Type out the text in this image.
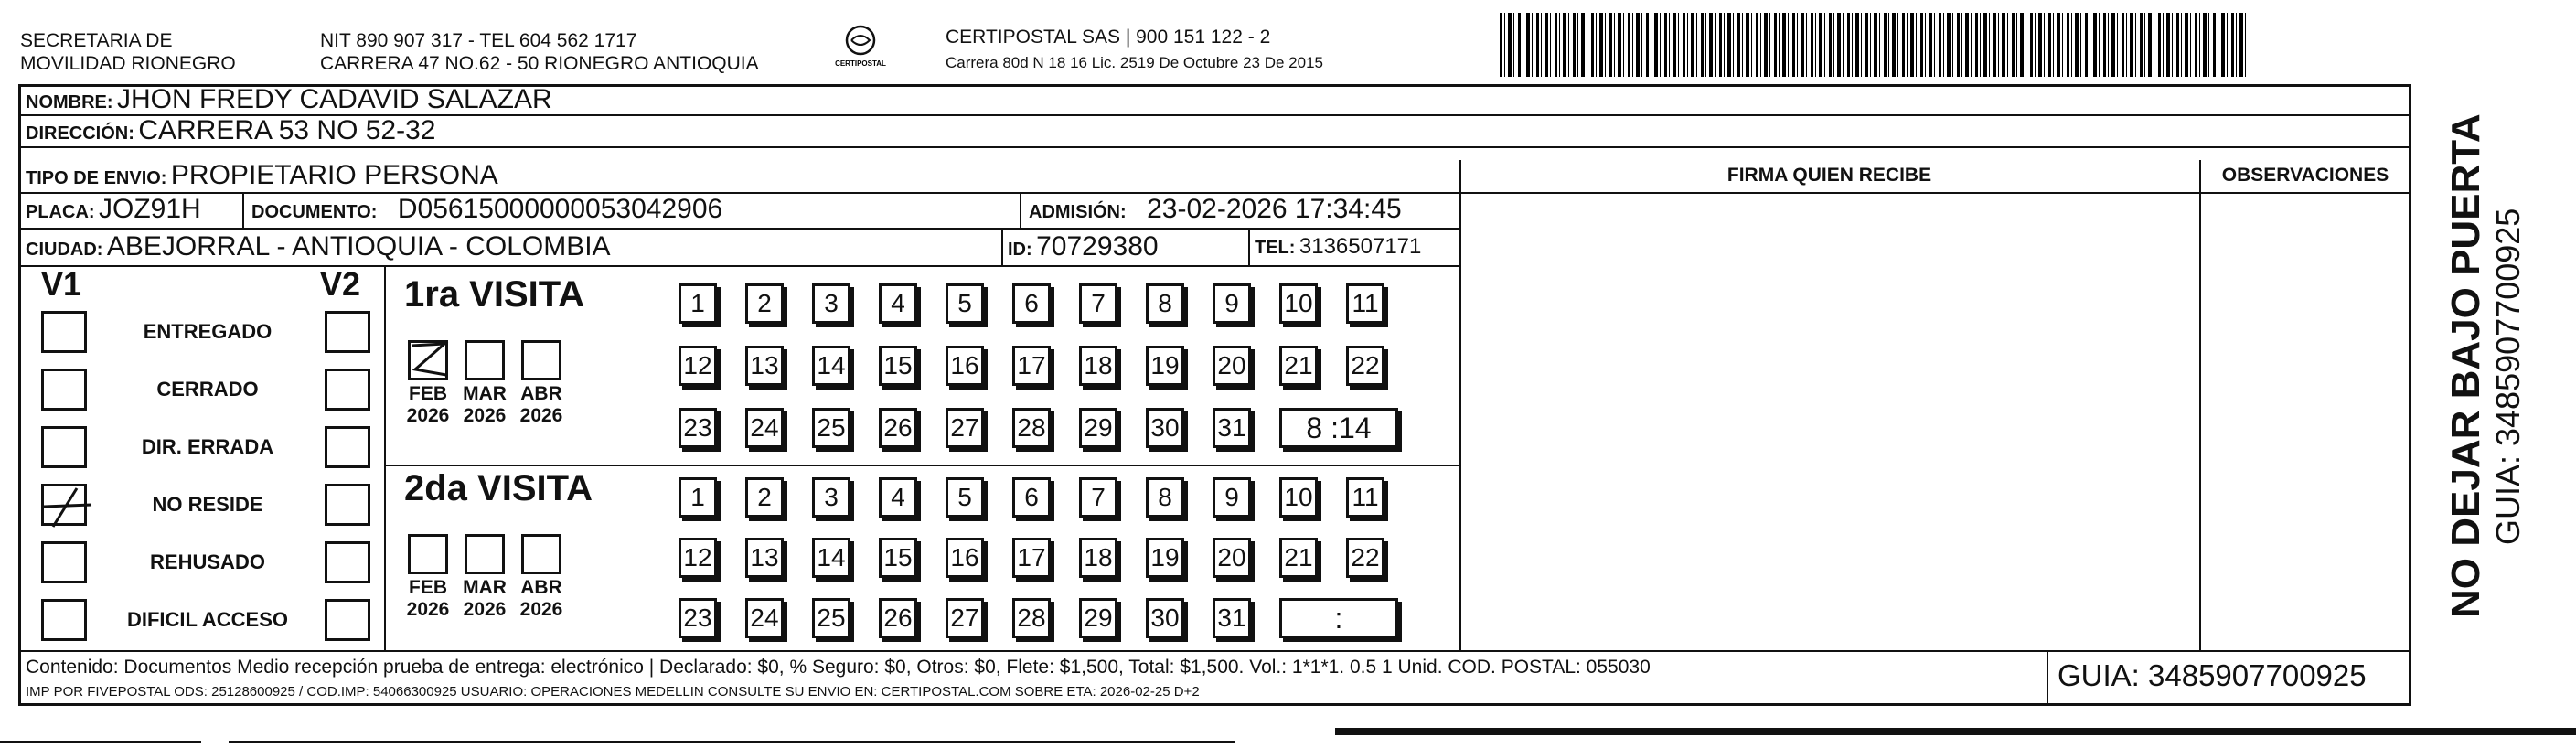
SECRETARIA DE
MOVILIDAD RIONEGRO
NIT 890 907 317 - TEL 604 562 1717
CARRERA 47 NO.62 - 50 RIONEGRO ANTIOQUIA	CERTIPOSTAL
CERTIPOSTAL SAS | 900 151 122 - 2
Carrera 80d N 18 16 Lic. 2519 De Octubre 23 De 2015
NOMBRE: JHON FREDY CADAVID SALAZAR
DIRECCIÓN: CARRERA 53 NO 52-32
TIPO DE ENVIO: PROPIETARIO PERSONA
PLACA: JOZ91H	DOCUMENTO: D05615000000053042906	ADMISIÓN: 23-02-2026 17:34:45
CIUDAD: ABEJORRAL - ANTIOQUIA - COLOMBIA	ID: 70729380	TEL: 3136507171
FIRMA QUIEN RECIBE	OBSERVACIONES
V1	V2
ENTREGADO
CERRADO
DIR. ERRADA
NO RESIDE
REHUSADO
DIFICIL ACCESO
1ra VISITA
2da VISITA
FEB
2026
MAR
2026
ABR
2026
FEB
2026
MAR
2026
ABR
2026
1	2	3	4	5	6	7	8	9	10 11
12 13 14 15 16 17 18 19 20 21 22
23 24 25 26 27 28 29 30 31	8 :14
1	2	3	4	5	6	7	8	9	10 11
12 13 14 15 16 17 18 19 20 21 22
23 24 25 26 27 28 29 30 31	:
Contenido: Documentos Medio recepción prueba de entrega: electrónico | Declarado: $0, % Seguro: $0, Otros: $0, Flete: $1,500, Total: $1,500. Vol.: 1*1*1. 0.5 1 Unid. COD. POSTAL: 055030
IMP POR FIVEPOSTAL ODS: 25128600925 / COD.IMP: 54066300925 USUARIO: OPERACIONES MEDELLIN CONSULTE SU ENVIO EN: CERTIPOSTAL.COM SOBRE ETA: 2026-02-25 D+2	GUIA: 3485907700925
NO DEJAR BAJO PUERTA GUIA: 3485907700925
